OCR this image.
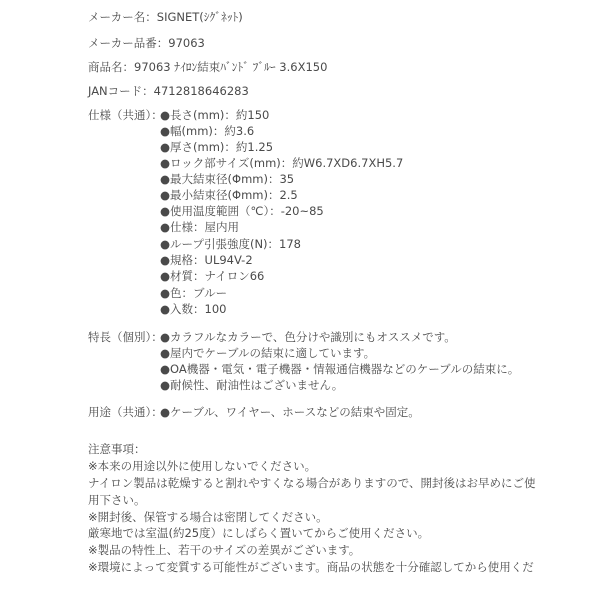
メーカー名：SIGNET(ｼｸﾞﾈｯﾄ)
メーカー品番：97063
商品名：97063 ﾅｲﾛﾝ結束ﾊﾞﾝﾄﾞ ﾌﾞﾙｰ 3.6X150
JANコード：4712818646283
仕様（共通）：
●長さ(mm)：約150
●幅(mm)：約3.6
●厚さ(mm)：約1.25
●ロック部サイズ(mm)：約W6.7XD6.7XH5.7
●最大結束径(Φmm)：35
●最小結束径(Φmm)：2.5
●使用温度範囲（℃）：-20~85
●仕様：屋内用
●ループ引張強度(N)：178
●規格：UL94V-2
●材質：ナイロン66
●色：ブルー
●入数：100
特長（個別）：
●カラフルなカラーで、色分けや識別にもオススメです。
●屋内でケーブルの結束に適しています。
●OA機器・電気・電子機器・情報通信機器などのケーブルの結束に。
●耐候性、耐油性はございません。
用途（共通）：
●ケーブル、ワイヤー、ホースなどの結束や固定。
注意事項：
※本来の用途以外に使用しないでください。
ナイロン製品は乾燥すると割れやすくなる場合がありますので、開封後はお早めにご使
用下さい。
※開封後、保管する場合は密閉してください。
厳寒地では室温(約25度）にしばらく置いてからご使用ください。
※製品の特性上、若干のサイズの差異がございます。
※環境によって変質する可能性がございます。商品の状態を十分確認してから使用くだ
